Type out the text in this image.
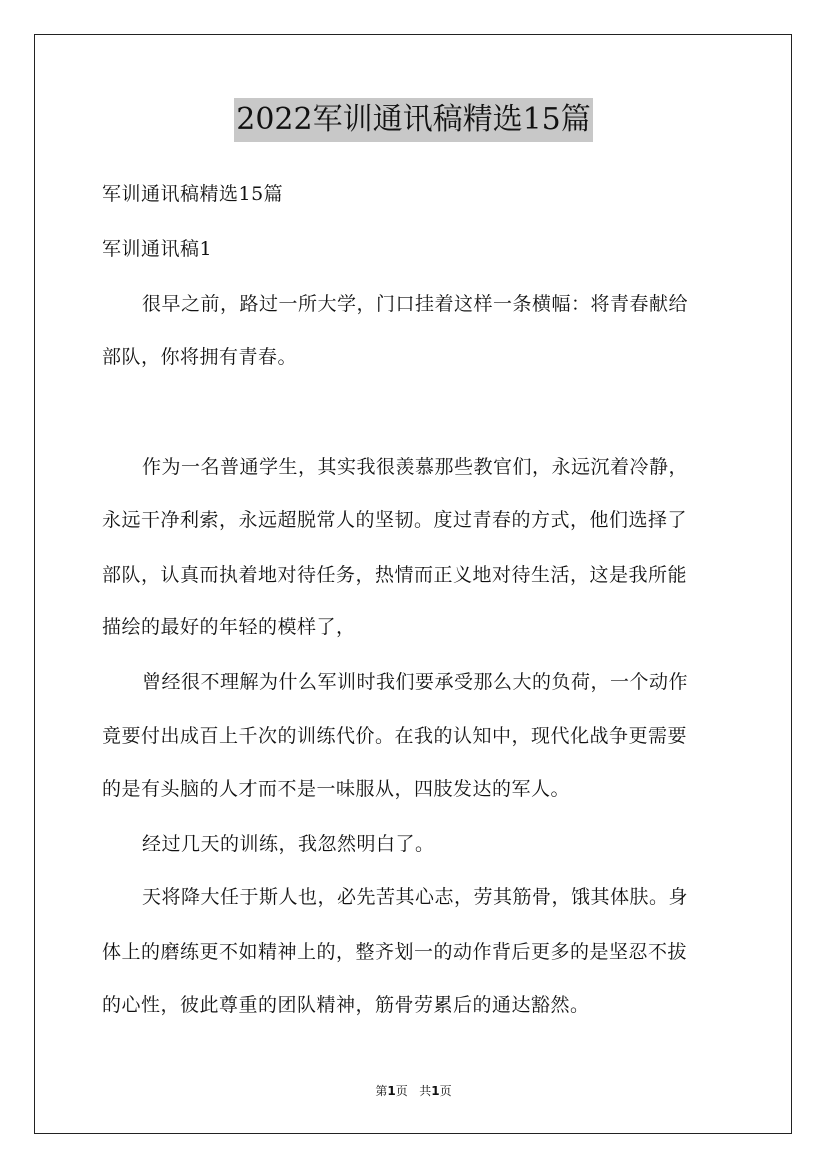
2022军训通讯稿精选15篇
军训通讯稿精选15篇
军训通讯稿1
很早之前，路过一所大学，门口挂着这样一条横幅：将青春献给
部队，你将拥有青春。
作为一名普通学生，其实我很羡慕那些教官们，永远沉着冷静，
永远干净利索，永远超脱常人的坚韧。度过青春的方式，他们选择了
部队，认真而执着地对待任务，热情而正义地对待生活，这是我所能
描绘的最好的年轻的模样了，
曾经很不理解为什么军训时我们要承受那么大的负荷，一个动作
竟要付出成百上千次的训练代价。在我的认知中，现代化战争更需要
的是有头脑的人才而不是一味服从，四肢发达的军人。
经过几天的训练，我忽然明白了。
天将降大任于斯人也，必先苦其心志，劳其筋骨，饿其体肤。身
体上的磨练更不如精神上的，整齐划一的动作背后更多的是坚忍不拔
的心性，彼此尊重的团队精神，筋骨劳累后的通达豁然。
第1页 共1页
